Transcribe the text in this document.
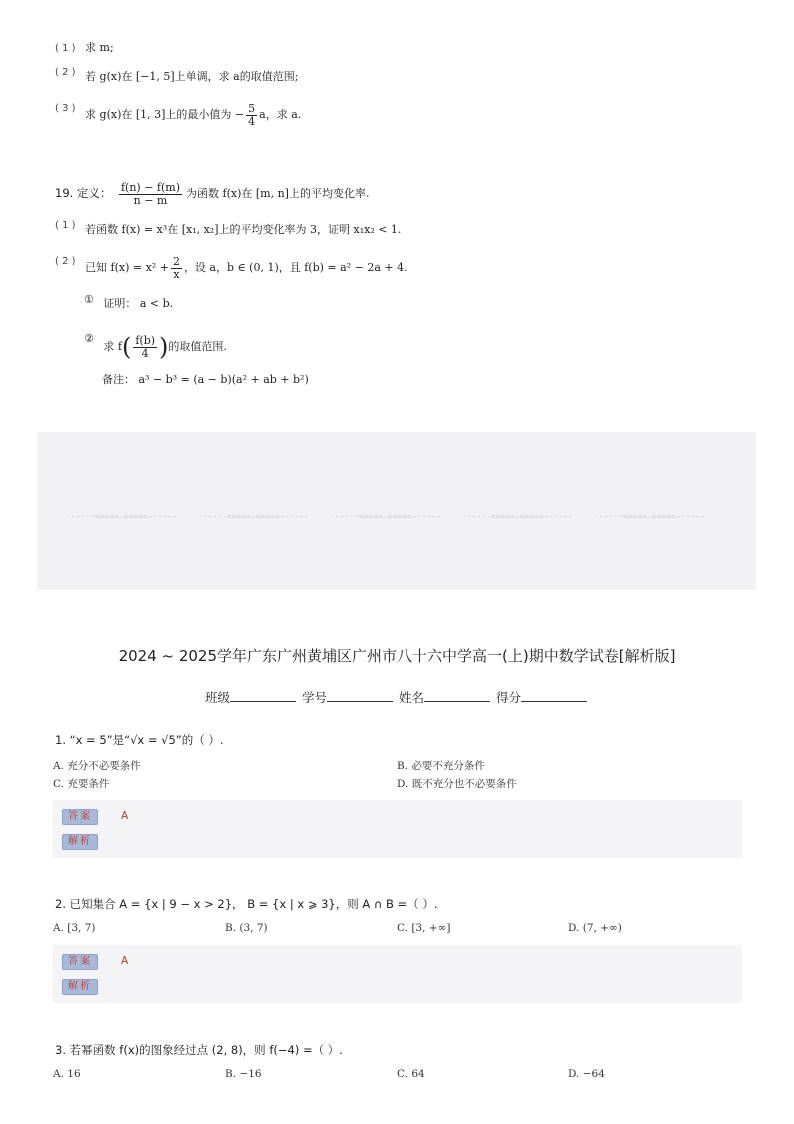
( 1 ) 求 m;
( 2 ) 若 g(x)在 [−1, 5]上单调，求 a的取值范围;
( 3 ) 求 g(x)在 [1, 3]上的最小值为 − $\frac{5}{4}$ a，求 a.
19. 定义： $\frac{f(n) - f(m)}{n - m}$ 为函数 f(x)在 [m, n]上的平均变化率.
( 1 ) 若函数 f(x) = x³在 [x₁, x₂]上的平均变化率为 3，证明 x₁x₂ < 1.
( 2 ) 已知 $f(x) = x^2 + \frac{2}{x}$ ，设 a，b ∈ (0, 1)，且 f(b) = a² − 2a + 4.
① 证明： a < b.
② 求 $f( \frac{f(b)}{4}$ )的取值范围.
备注： a³ − b³ = (a − b)(a² + ab + b²)
------=====☆=====------	------=====☆=====------	------=====☆=====------	------=====☆=====------	------=====☆=====------
2024 ~ 2025学年广东广州黄埔区广州市八十六中学高一(上)期中数学试卷[解析版]
班级	学号	姓名	得分
1. “x = 5”是“√x = √5”的（ ）.
A. 充分不必要条件	B. 必要不充分条件
C. 充要条件	D. 既不充分也不必要条件
答案	A
解析
2. 已知集合 A = {x | 9 − x > 2}， B = {x | x ⩾ 3}，则 A ∩ B =（ ）.
A. [3, 7)	B. (3, 7)	C. [3, +∞]	D. (7, +∞)
答案	A
解析
3. 若幂函数 f(x)的图象经过点 (2, 8)，则 f(−4) =（ ）.
A. 16	B. −16	C. 64	D. −64
